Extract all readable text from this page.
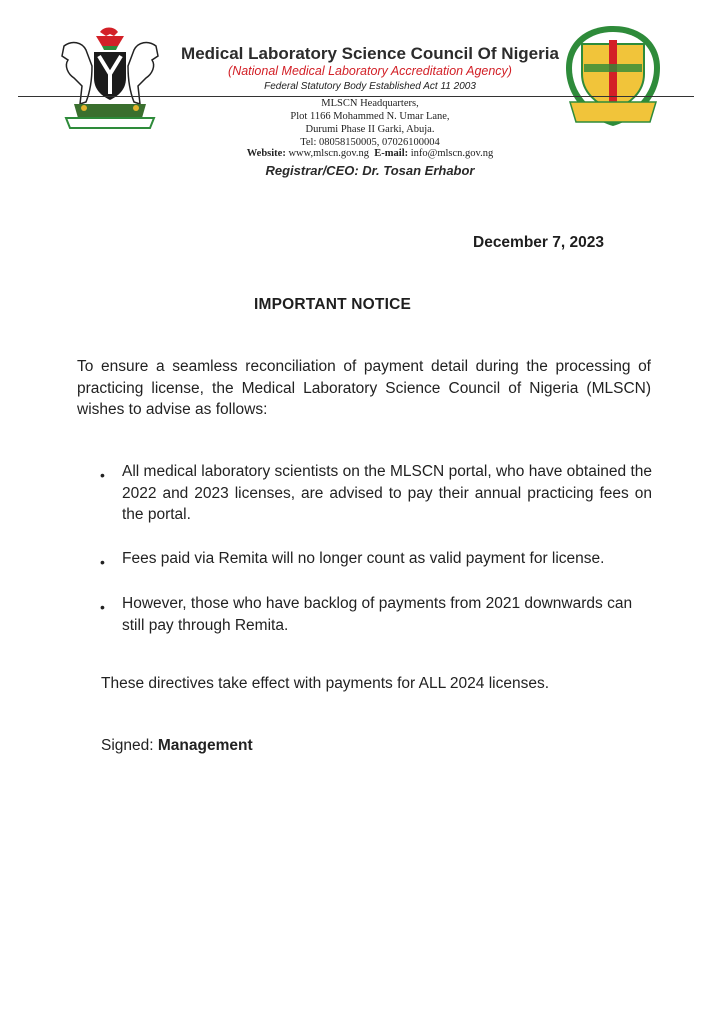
Medical Laboratory Science Council Of Nigeria
(National Medical Laboratory Accreditation Agency)
Federal Statutory Body Established Act 11 2003
MLSCN Headquarters,
Plot 1166 Mohammed N. Umar Lane,
Durumi Phase II Garki, Abuja.
Tel: 08058150005, 07026100004
Website: www,mlscn.gov.ng E-mail: info@mlscn.gov.ng
Registrar/CEO: Dr. Tosan Erhabor
December 7, 2023
IMPORTANT NOTICE
To ensure a seamless reconciliation of payment detail during the processing of practicing license, the Medical Laboratory Science Council of Nigeria (MLSCN) wishes to advise as follows:
• All medical laboratory scientists on the MLSCN portal, who have obtained the 2022 and 2023 licenses, are advised to pay their annual practicing fees on the portal.
• Fees paid via Remita will no longer count as valid payment for license.
• However, those who have backlog of payments from 2021 downwards can still pay through Remita.
These directives take effect with payments for ALL 2024 licenses.
Signed: Management
